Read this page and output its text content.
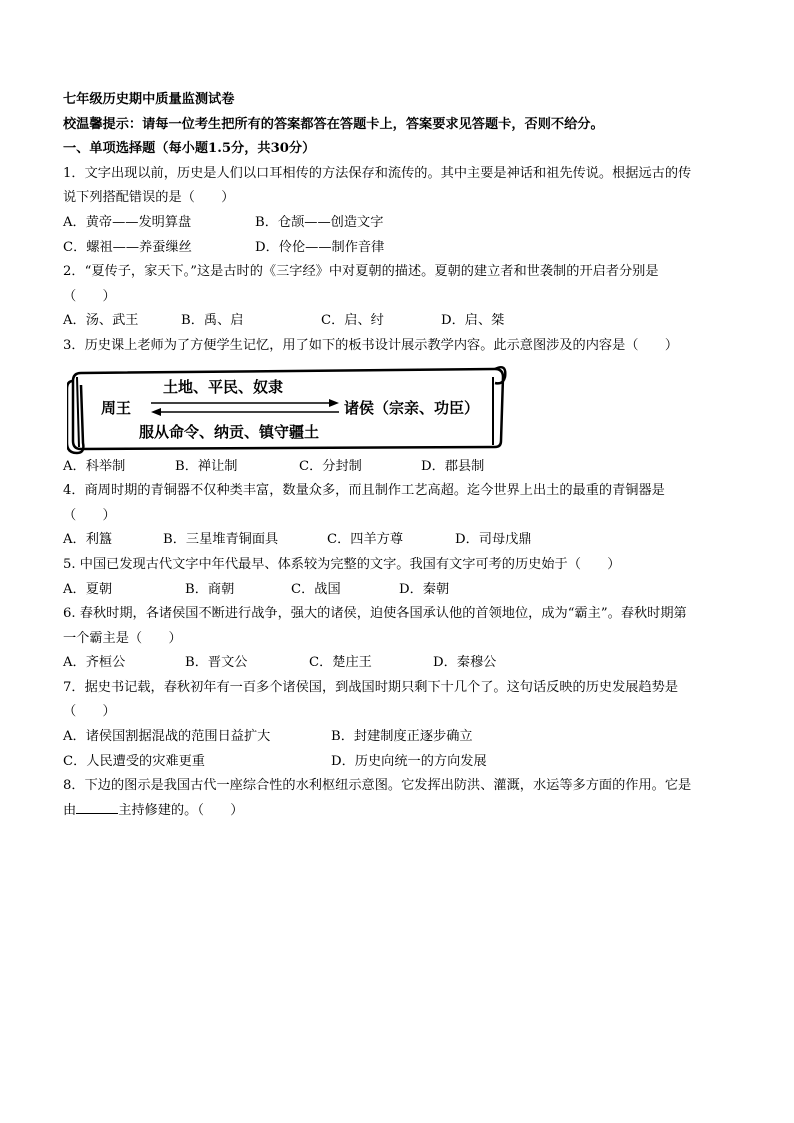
七年级历史期中质量监测试卷
校温馨提示：请每一位考生把所有的答案都答在答题卡上，答案要求见答题卡，否则不给分。
一、单项选择题（每小题1.5分，共30分）
1．文字出现以前，历史是人们以口耳相传的方法保存和流传的。其中主要是神话和祖先传说。根据远古的传
说下列搭配错误的是（　　）
A．黄帝——发明算盘	B．仓颉——创造文字
C．螺祖——养蚕缫丝	D．伶伦——制作音律
2．“夏传子，家天下。”这是古时的《三字经》中对夏朝的描述。夏朝的建立者和世袭制的开启者分别是
（　　）
A．汤、武王	B．禹、启	C．启、纣	D．启、桀
3．历史课上老师为了方便学生记忆，用了如下的板书设计展示教学内容。此示意图涉及的内容是（　　）
土地、平民、奴隶
周王	诸侯（宗亲、功臣）
服从命令、纳贡、镇守疆土
A．科举制	B．禅让制	C．分封制	D．郡县制
4．商周时期的青铜器不仅种类丰富，数量众多，而且制作工艺高超。迄今世界上出土的最重的青铜器是
（　　）
A．利簋	B．三星堆青铜面具	C．四羊方尊	D．司母戊鼎
5. 中国已发现古代文字中年代最早、体系较为完整的文字。我国有文字可考的历史始于（　　）
A．夏朝	B．商朝	C．战国	D．秦朝
6. 春秋时期，各诸侯国不断进行战争，强大的诸侯，迫使各国承认他的首领地位，成为“霸主”。春秋时期第
一个霸主是（　　）
A．齐桓公	B．晋文公	C．楚庄王	D．秦穆公
7．据史书记载，春秋初年有一百多个诸侯国，到战国时期只剩下十几个了。这句话反映的历史发展趋势是
（　　）
A．诸侯国割据混战的范围日益扩大	B．封建制度正逐步确立
C．人民遭受的灾难更重	D．历史向统一的方向发展
8．下边的图示是我国古代一座综合性的水利枢纽示意图。它发挥出防洪、灌溉，水运等多方面的作用。它是
由	主持修建的。（　　）
